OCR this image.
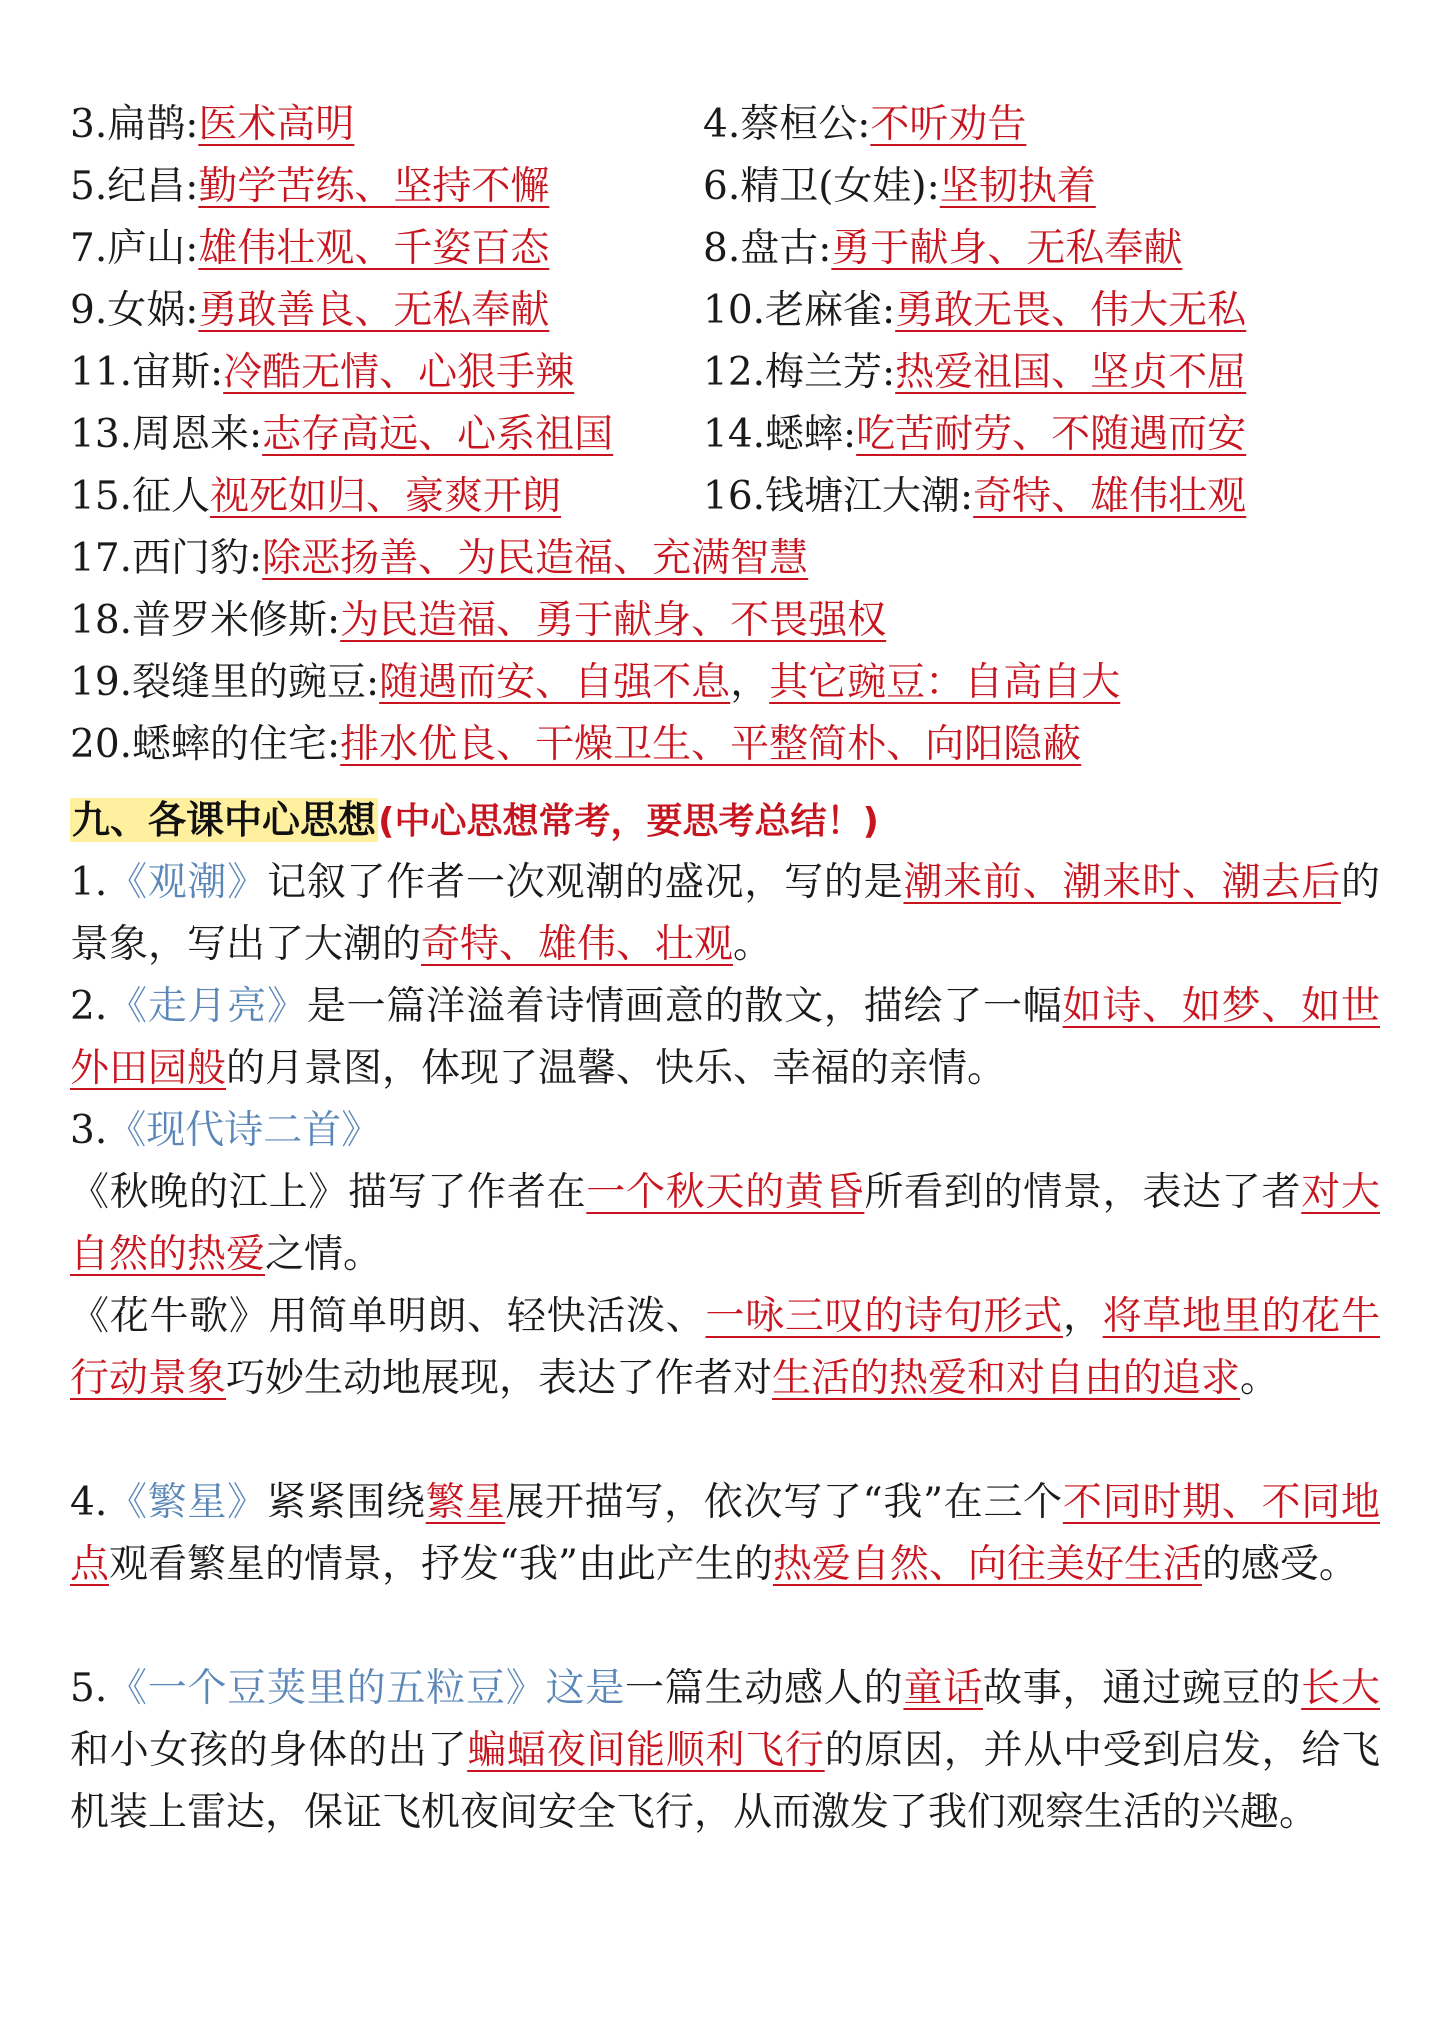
3.扁鹊:医术高明	4.蔡桓公:不听劝告
5.纪昌:勤学苦练、坚持不懈	6.精卫(女娃):坚韧执着
7.庐山:雄伟壮观、千姿百态	8.盘古:勇于献身、无私奉献
9.女娲:勇敢善良、无私奉献	10.老麻雀:勇敢无畏、伟大无私
11.宙斯:冷酷无情、心狠手辣	12.梅兰芳:热爱祖国、坚贞不屈
13.周恩来:志存高远、心系祖国 14.蟋蟀:吃苦耐劳、不随遇而安
15.征人视死如归、豪爽开朗	16.钱塘江大潮:奇特、雄伟壮观
17.西门豹:除恶扬善、为民造福、充满智慧
18.普罗米修斯:为民造福、勇于献身、不畏强权
19.裂缝里的豌豆:随遇而安、自强不息，其它豌豆：自高自大
20.蟋蟀的住宅:排水优良、干燥卫生、平整简朴、向阳隐蔽
九、各课中心思想(中心思想常考，要思考总结！)
1.《观潮》记叙了作者一次观潮的盛况，写的是潮来前、潮来时、潮去后的景象，写出了大潮的奇特、雄伟、壮观。
2.《走月亮》是一篇洋溢着诗情画意的散文，描绘了一幅如诗、如梦、如世外田园般的月景图，体现了温馨、快乐、幸福的亲情。
3.《现代诗二首》
《秋晚的江上》描写了作者在一个秋天的黄昏所看到的情景，表达了者对大自然的热爱之情。
《花牛歌》用简单明朗、轻快活泼、一咏三叹的诗句形式，将草地里的花牛行动景象巧妙生动地展现，表达了作者对生活的热爱和对自由的追求。
4.《繁星》紧紧围绕繁星展开描写，依次写了“我”在三个不同时期、不同地点观看繁星的情景，抒发“我”由此产生的热爱自然、向往美好生活的感受。
5.《一个豆荚里的五粒豆》这是一篇生动感人的童话故事，通过豌豆的长大和小女孩的身体的出了蝙蝠夜间能顺利飞行的原因，并从中受到启发，给飞机装上雷达，保证飞机夜间安全飞行，从而激发了我们观察生活的兴趣。
